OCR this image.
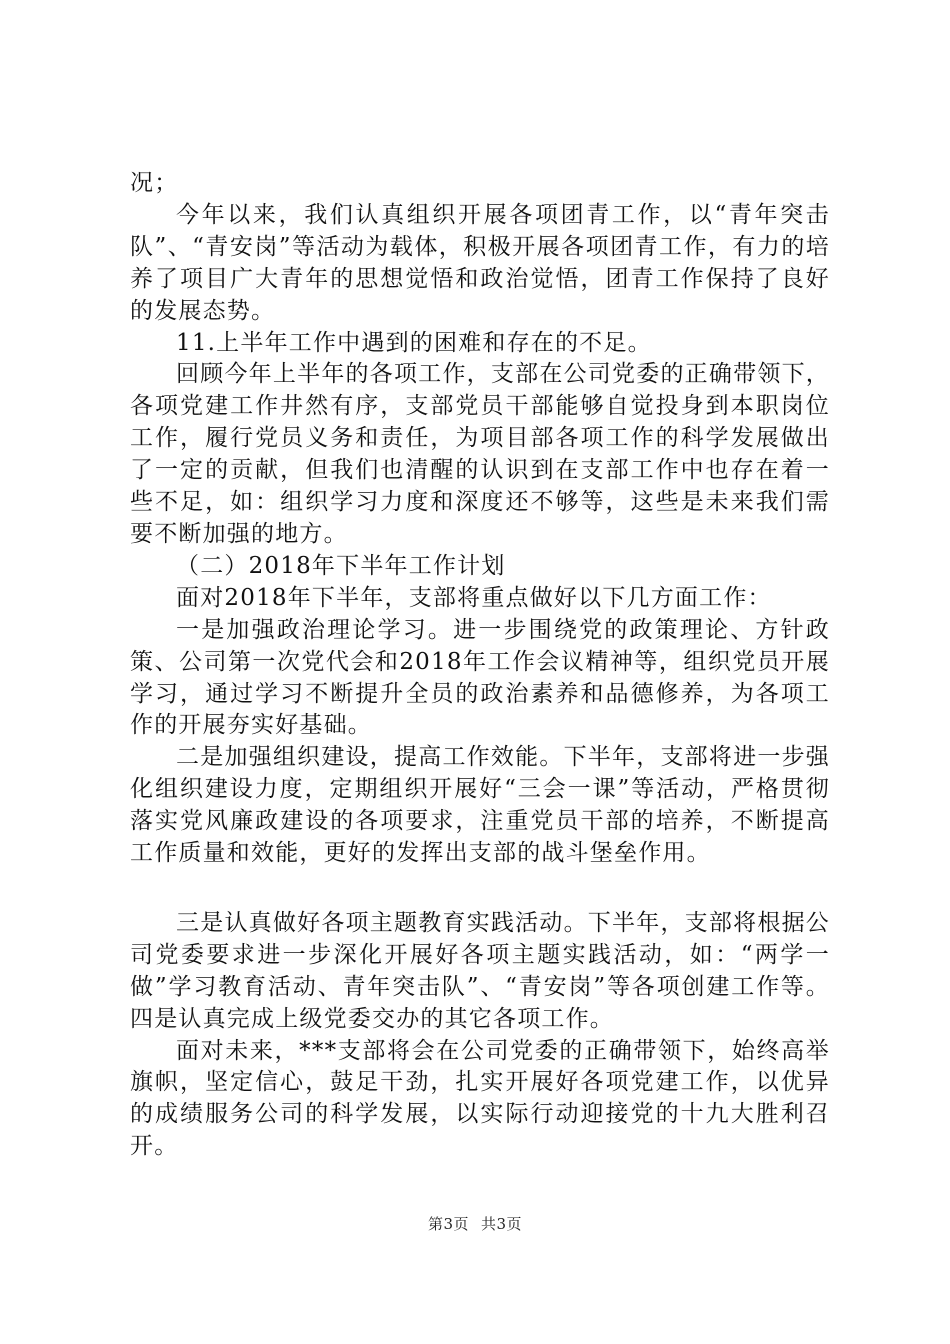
况；

今年以来，我们认真组织开展各项团青工作，以“青年突击队”、“青安岗”等活动为载体，积极开展各项团青工作，有力的培养了项目广大青年的思想觉悟和政治觉悟，团青工作保持了良好的发展态势。

11.上半年工作中遇到的困难和存在的不足。

回顾今年上半年的各项工作，支部在公司党委的正确带领下，各项党建工作井然有序，支部党员干部能够自觉投身到本职岗位工作，履行党员义务和责任，为项目部各项工作的科学发展做出了一定的贡献，但我们也清醒的认识到在支部工作中也存在着一些不足，如：组织学习力度和深度还不够等，这些是未来我们需要不断加强的地方。

（二）2018年下半年工作计划

面对2018年下半年，支部将重点做好以下几方面工作：

一是加强政治理论学习。进一步围绕党的政策理论、方针政策、公司第一次党代会和2018年工作会议精神等，组织党员开展学习，通过学习不断提升全员的政治素养和品德修养，为各项工作的开展夯实好基础。

二是加强组织建设，提高工作效能。下半年，支部将进一步强化组织建设力度，定期组织开展好“三会一课”等活动，严格贯彻落实党风廉政建设的各项要求，注重党员干部的培养，不断提高工作质量和效能，更好的发挥出支部的战斗堡垒作用。

三是认真做好各项主题教育实践活动。下半年，支部将根据公司党委要求进一步深化开展好各项主题实践活动，如：“两学一做”学习教育活动、青年突击队”、“青安岗”等各项创建工作等。四是认真完成上级党委交办的其它各项工作。

面对未来，***支部将会在公司党委的正确带领下，始终高举旗帜，坚定信心，鼓足干劲，扎实开展好各项党建工作，以优异的成绩服务公司的科学发展，以实际行动迎接党的十九大胜利召开。

第3页 共3页
